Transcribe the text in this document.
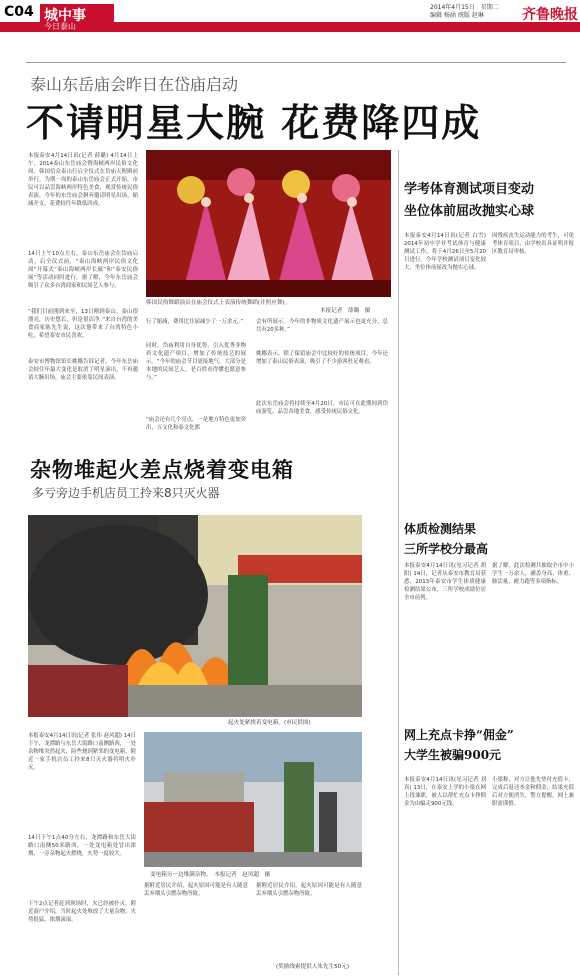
C04 城中事
今日泰山
2014年4月15日　星期二
编辑 杨涵 统版 赵琳	齐鲁晚报
泰山东岳庙会昨日在岱庙启动
不请明星大腕 花费降四成

本报泰安4月14日讯(记者 薛璐) 4月14日上午，2014泰山东岳庙会暨海峡两岸民俗文化周、韩国信众泰山行启全仪式在岱庙天贶殿前举行。为期一周的泰山东岳庙会正式开始，市民可以品尝海峡两岸特色美食，观赏传统民俗表演。今年的东岳庙会摒弃邀请明星出场，缩减开支，花费较往年降低四成。

14日上午10点左右，泰山东岳庙会在岱庙启动。启全仪式前，“泰山海峡两岸民俗文化周”开幕式“泰山海峡两岸长廊”和“泰安民俗展”等活动同时进行。据了解，今年东岳庙会吸引了众多台湾商家和民间艺人参与。

“我们目前刚到来至，13日刚到泰山。泰山很漂亮，历史悠长，但是很洁净。”来自台湾的美食商家陈先生说，这次他带来了台湾特色小吃，希望泰安市民喜欢。

泰安市博物馆馆长姚娜告诉记者，今年东岳庙会较往年最大变化是取消了明星演出，不再邀请大腕出场，庙会主要依靠民间表演。

韩国民俗舞蹈演员在庙会仪式上表演传统舞蹈(并照应舞)。
本报记者　薛璐　摄

行了缩减，费用比往届减少了一万余元。”

同时，岱庙利用自身优势，引入优秀非物质文化遗产项目，增加了传统技艺的展示。“今年的庙会节目更接地气，大部分是本地的民间艺人，老百姓看得懂也愿意参与。”

“庙会还有几个亮点，一是地方特色更加突出，五文化和泰文化都

会有所展示。今年的非物质文化遗产展示也更充分，总共有20多种。”

姚娜表示，除了保留庙会中比较好的传统项目，今年还增加了泰山民俗表演，吸引了不少游客驻足观看。

此次东岳庙会将持续至4月20日，市民可在此期间到岱庙游览，品尝各地美食，感受传统民俗文化。

学考体育测试项目变动
坐位体前屈改抛实心球
本报泰安4月14日讯(记者 白雪) 2014年初中学业考试体育与健康测试工作，将于4月26日至5月20日进行。今年学校测试项目变化较大，坐位体前屈改为抛实心球。
因残疾丧失运动能力的考生，可免考体育项目，由学校出具证明并报区教育局审核。
杂物堆起火差点烧着变电箱
多亏旁边手机店员工拎来8只灭火器
起火处紧挨着变电箱。(市民供图)

本报泰安4月14日讯(记者 张伟 赵风超) 14日下午，龙潭路与东岳大街路口南侧路西，一处杂物堆突然起火，险些烧到紧邻的变电箱，附近一家手机店员工拎来8只灭火器将明火扑灭。

14日下午1点40分左右，龙潭路和东岳大街路口南侧50米路西，一处变电箱处冒出浓烟，一旁杂物起火燃烧，火势一度较大。

下午2点记者赶到现场时，火已经被扑灭。附近商户介绍，当时起火处堆放了大量杂物，火势很猛，浓烟滚滚。

变电箱另一边堆满杂物。　本报记者　赵风超　摄
据附近居民介绍，起火原因可能是有人随意丢弃烟头引燃杂物所致。
据附近居民介绍，起火原因可能是有人随意丢弃烟头引燃杂物所致。
(奖励线索提供人朱先生50元)
体质检测结果
三所学校分最高
本报泰安4月14日讯(见习记者 胡阳) 14日，记者从泰安市教育局获悉，2013年泰安市学生体质健康检测结果公布，三所学校成绩位居全市前列。
据了解，此次检测共抽取全市中小学生一万余人，涵盖身高、体重、肺活量、耐力跑等多项指标。
网上充点卡挣“佣金”
大学生被骗900元
本报泰安4月14日讯(见习记者 刘真) 13日，在泰安上学的小梁在网上找兼职，被人以帮忙充点卡挣佣金为由骗走900元钱。
小梁称，对方让他先垫付充值卡，完成后返还本金和佣金，结果充值后对方便消失。警方提醒，网上兼职需谨慎。
